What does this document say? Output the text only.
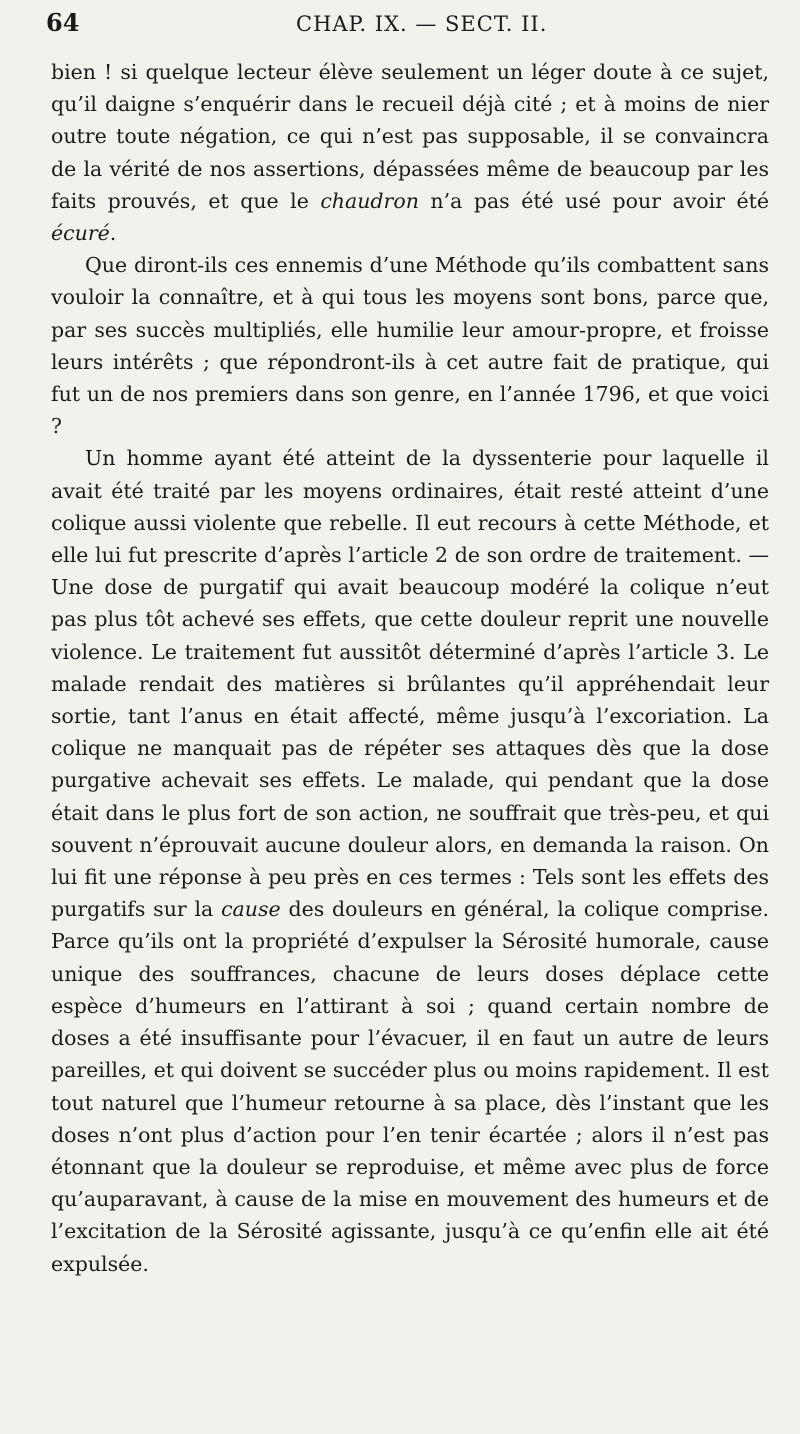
64	CHAP. IX. — SECT. II.

bien ! si quelque lecteur élève seulement un léger doute à ce sujet, qu’il daigne s’enquérir dans le recueil déjà cité ; et à moins de nier outre toute négation, ce qui n’est pas supposable, il se convaincra de la vérité de nos assertions, dépassées même de beaucoup par les faits prouvés, et que le chaudron n’a pas été usé pour avoir été écuré.

Que diront-ils ces ennemis d’une Méthode qu’ils combattent sans vouloir la connaître, et à qui tous les moyens sont bons, parce que, par ses succès multipliés, elle humilie leur amour-propre, et froisse leurs intérêts ; que répondront-ils à cet autre fait de pratique, qui fut un de nos premiers dans son genre, en l’année 1796, et que voici ?

Un homme ayant été atteint de la dyssenterie pour laquelle il avait été traité par les moyens ordinaires, était resté atteint d’une colique aussi violente que rebelle. Il eut recours à cette Méthode, et elle lui fut prescrite d’après l’article 2 de son ordre de traitement. — Une dose de purgatif qui avait beaucoup modéré la colique n’eut pas plus tôt achevé ses effets, que cette douleur reprit une nouvelle violence. Le traitement fut aussitôt déterminé d’après l’article 3. Le malade rendait des matières si brûlantes qu’il appréhendait leur sortie, tant l’anus en était affecté, même jusqu’à l’excoriation. La colique ne manquait pas de répéter ses attaques dès que la dose purgative achevait ses effets. Le malade, qui pendant que la dose était dans le plus fort de son action, ne souffrait que très-peu, et qui souvent n’éprouvait aucune douleur alors, en demanda la raison. On lui fit une réponse à peu près en ces termes : Tels sont les effets des purgatifs sur la cause des douleurs en général, la colique comprise. Parce qu’ils ont la propriété d’expulser la Sérosité humorale, cause unique des souffrances, chacune de leurs doses déplace cette espèce d’humeurs en l’attirant à soi ; quand certain nombre de doses a été insuffisante pour l’évacuer, il en faut un autre de leurs pareilles, et qui doivent se succéder plus ou moins rapidement. Il est tout naturel que l’humeur retourne à sa place, dès l’instant que les doses n’ont plus d’action pour l’en tenir écartée ; alors il n’est pas étonnant que la douleur se reproduise, et même avec plus de force qu’auparavant, à cause de la mise en mouvement des humeurs et de l’excitation de la Sérosité agissante, jusqu’à ce qu’enfin elle ait été expulsée.
